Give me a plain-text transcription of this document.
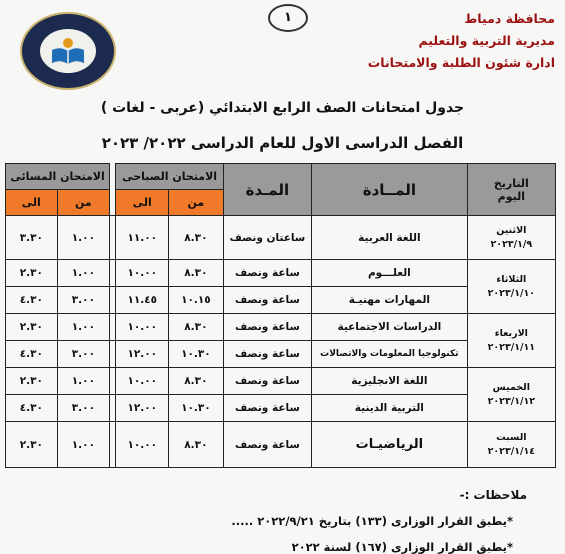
١	محافظة دمياط
مديرية التربية والتعليم
ادارة شئون الطلبة والامتحانات
جدول امتحانات الصف الرابع الابتدائي (عربى - لغات )
الفصل الدراسى الاول للعام الدراسى ٢٠٢٢/ ٢٠٢٣
التاريخ
اليوم	المــادة	المـدة	الامتحان الصباحى			الامتحان المسائى	
			من	الى		من	الى

الاثنين
٢٠٢٣/١/٩	اللغة العربية	ساعتان ونصف	٨.٣٠	١١.٠٠		١.٠٠	٣.٣٠

الثلاثاء
٢٠٢٣/١/١٠	العلـــوم	ساعة ونصف	٨.٣٠	١٠.٠٠		١.٠٠	٢.٣٠
	المهارات مهنيـة	ساعة ونصف	١٠.١٥	١١.٤٥		٣.٠٠	٤.٣٠

الاربعاء
٢٠٢٣/١/١١	الدراسات الاجتماعية	ساعة ونصف	٨.٣٠	١٠.٠٠		١.٠٠	٢.٣٠
	تكنولوجيا المعلومات والاتصالات	ساعة ونصف	١٠.٣٠	١٢.٠٠		٣.٠٠	٤.٣٠

الخميس
٢٠٢٣/١/١٢	اللغة الانجليزية	ساعة ونصف	٨.٣٠	١٠.٠٠		١.٠٠	٢.٣٠
	التربية الدينية	ساعة ونصف	١٠.٣٠	١٢.٠٠		٣.٠٠	٤.٣٠

السبت
٢٠٢٣/١/١٤	الرياضيـات	ساعة ونصف	٨.٣٠	١٠.٠٠		١.٠٠	٢.٣٠
ملاحظات :-
*يطبق القرار الوزارى (١٣٣) بتاريخ ٢٠٢٢/٩/٢١ .....
*يطبق القرار الوزارى (١٦٧) لسنة ٢٠٢٢
